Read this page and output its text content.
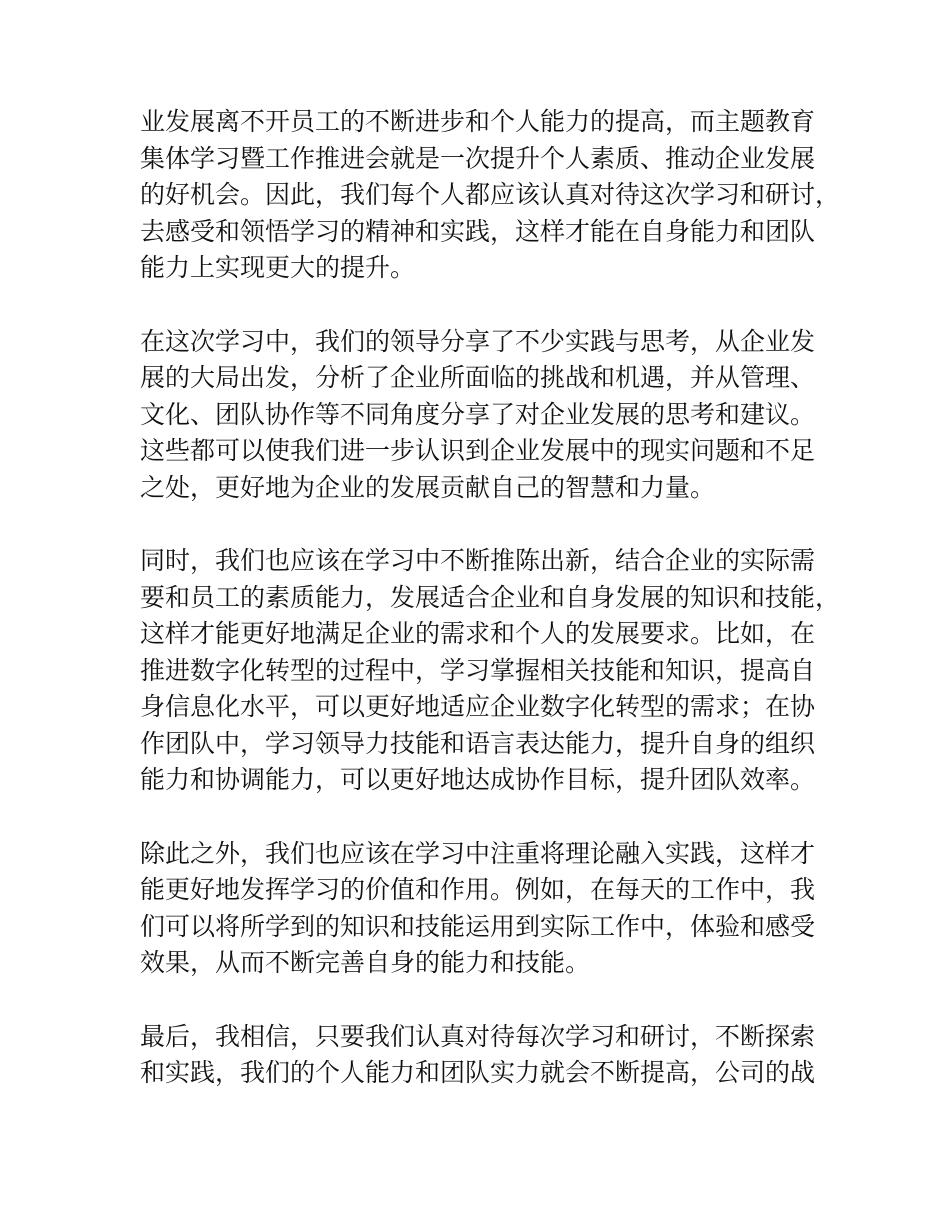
业发展离不开员工的不断进步和个人能力的提高，而主题教育
集体学习暨工作推进会就是一次提升个人素质、推动企业发展
的好机会。因此，我们每个人都应该认真对待这次学习和研讨，
去感受和领悟学习的精神和实践，这样才能在自身能力和团队
能力上实现更大的提升。
在这次学习中，我们的领导分享了不少实践与思考，从企业发
展的大局出发，分析了企业所面临的挑战和机遇，并从管理、
文化、团队协作等不同角度分享了对企业发展的思考和建议。
这些都可以使我们进一步认识到企业发展中的现实问题和不足
之处，更好地为企业的发展贡献自己的智慧和力量。
同时，我们也应该在学习中不断推陈出新，结合企业的实际需
要和员工的素质能力，发展适合企业和自身发展的知识和技能，
这样才能更好地满足企业的需求和个人的发展要求。比如，在
推进数字化转型的过程中，学习掌握相关技能和知识，提高自
身信息化水平，可以更好地适应企业数字化转型的需求；在协
作团队中，学习领导力技能和语言表达能力，提升自身的组织
能力和协调能力，可以更好地达成协作目标，提升团队效率。
除此之外，我们也应该在学习中注重将理论融入实践，这样才
能更好地发挥学习的价值和作用。例如，在每天的工作中，我
们可以将所学到的知识和技能运用到实际工作中，体验和感受
效果，从而不断完善自身的能力和技能。
最后，我相信，只要我们认真对待每次学习和研讨，不断探索
和实践，我们的个人能力和团队实力就会不断提高，公司的战
